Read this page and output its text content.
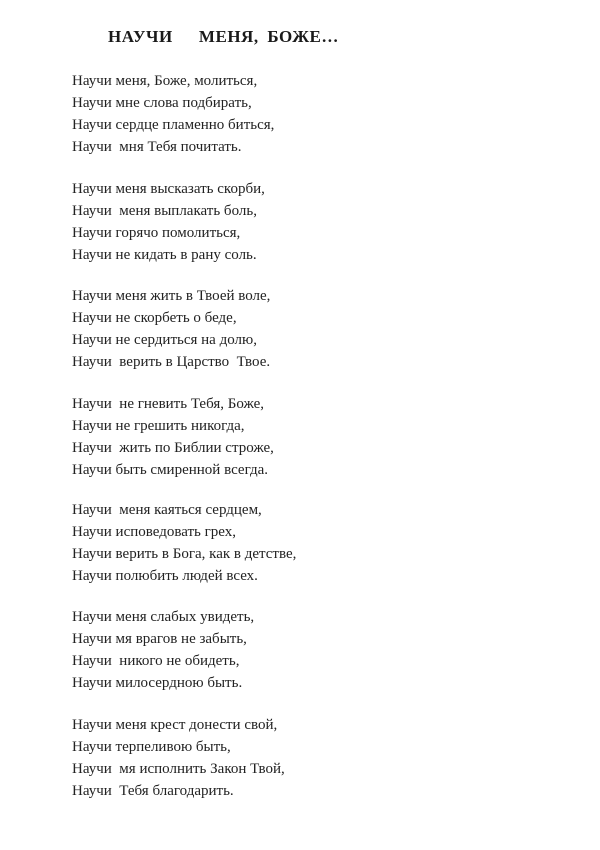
НАУЧИ   МЕНЯ, БОЖЕ…
Научи меня, Боже, молиться,
Научи мне слова подбирать,
Научи сердце пламенно биться,
Научи  мня Тебя почитать.
Научи меня высказать скорби,
Научи  меня выплакать боль,
Научи горячо помолиться,
Научи не кидать в рану соль.
Научи меня жить в Твоей воле,
Научи не скорбеть о беде,
Научи не сердиться на долю,
Научи  верить в Царство  Твое.
Научи  не гневить Тебя, Боже,
Научи не грешить никогда,
Научи  жить по Библии строже,
Научи быть смиренной всегда.
Научи  меня каяться сердцем,
Научи исповедовать грех,
Научи верить в Бога, как в детстве,
Научи полюбить людей всех.
Научи меня слабых увидеть,
Научи мя врагов не забыть,
Научи  никого не обидеть,
Научи милосердною быть.
Научи меня крест донести свой,
Научи терпеливою быть,
Научи  мя исполнить Закон Твой,
Научи  Тебя благодарить.
